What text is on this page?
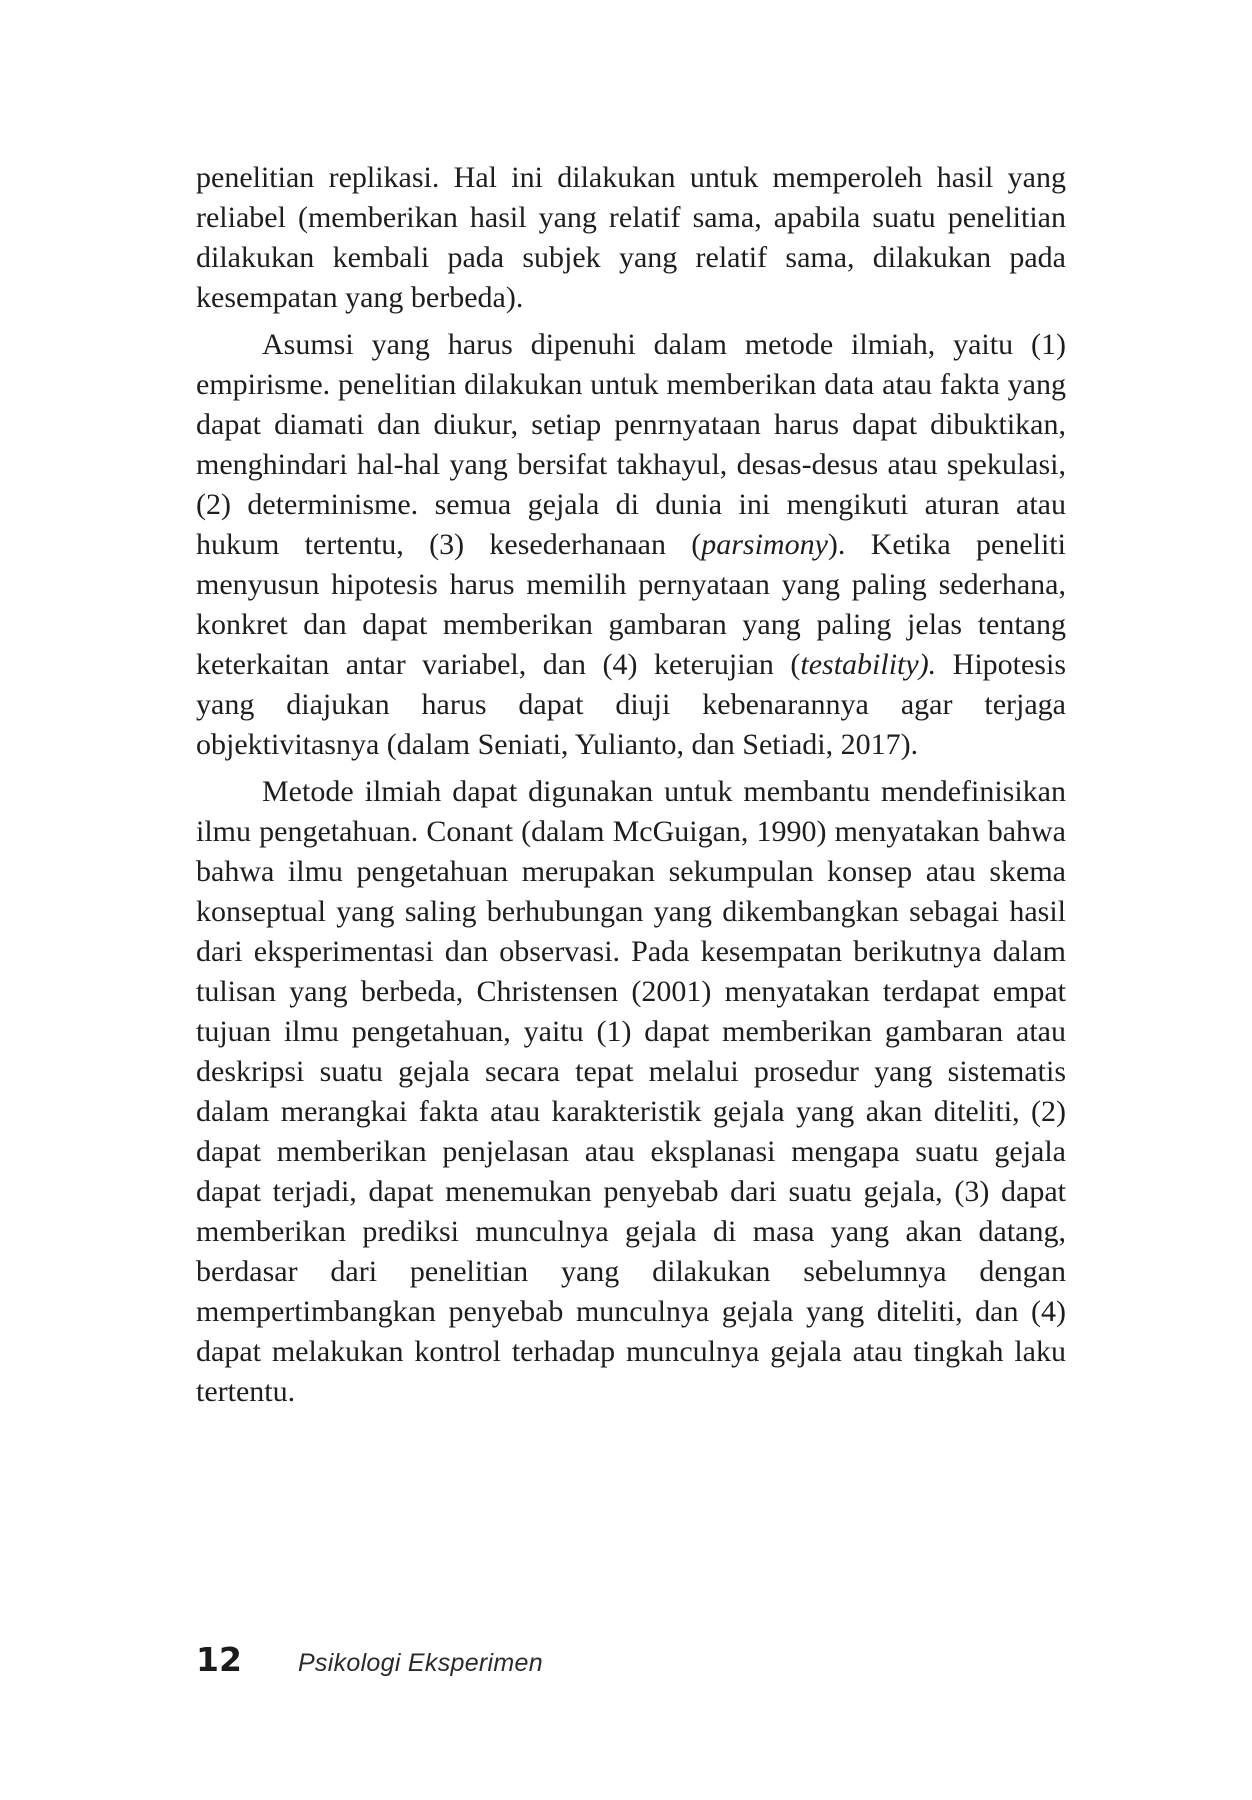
penelitian replikasi. Hal ini dilakukan untuk memperoleh hasil yang reliabel (memberikan hasil yang relatif sama, apabila suatu penelitian dilakukan kembali pada subjek yang relatif sama, dilakukan pada kesempatan yang berbeda).

Asumsi yang harus dipenuhi dalam metode ilmiah, yaitu (1) empirisme. penelitian dilakukan untuk memberikan data atau fakta yang dapat diamati dan diukur, setiap penrnyataan harus dapat dibuktikan, menghindari hal-hal yang bersifat takhayul, desas-desus atau spekulasi, (2) determinisme. semua gejala di dunia ini mengikuti aturan atau hukum tertentu, (3) kesederhanaan (parsimony). Ketika peneliti menyusun hipotesis harus memilih pernyataan yang paling sederhana, konkret dan dapat memberikan gambaran yang paling jelas tentang keterkaitan antar variabel, dan (4) keterujian (testability). Hipotesis yang diajukan harus dapat diuji kebenarannya agar terjaga objektivitasnya (dalam Seniati, Yulianto, dan Setiadi, 2017).

Metode ilmiah dapat digunakan untuk membantu mendefinisikan ilmu pengetahuan. Conant (dalam McGuigan, 1990) menyatakan bahwa bahwa ilmu pengetahuan merupakan sekumpulan konsep atau skema konseptual yang saling berhubungan yang dikembangkan sebagai hasil dari eksperimentasi dan observasi. Pada kesempatan berikutnya dalam tulisan yang berbeda, Christensen (2001) menyatakan terdapat empat tujuan ilmu pengetahuan, yaitu (1) dapat memberikan gambaran atau deskripsi suatu gejala secara tepat melalui prosedur yang sistematis dalam merangkai fakta atau karakteristik gejala yang akan diteliti, (2) dapat memberikan penjelasan atau eksplanasi mengapa suatu gejala dapat terjadi, dapat menemukan penyebab dari suatu gejala, (3) dapat memberikan prediksi munculnya gejala di masa yang akan datang, berdasar dari penelitian yang dilakukan sebelumnya dengan mempertimbangkan penyebab munculnya gejala yang diteliti, dan (4) dapat melakukan kontrol terhadap munculnya gejala atau tingkah laku tertentu.

12 Psikologi Eksperimen
